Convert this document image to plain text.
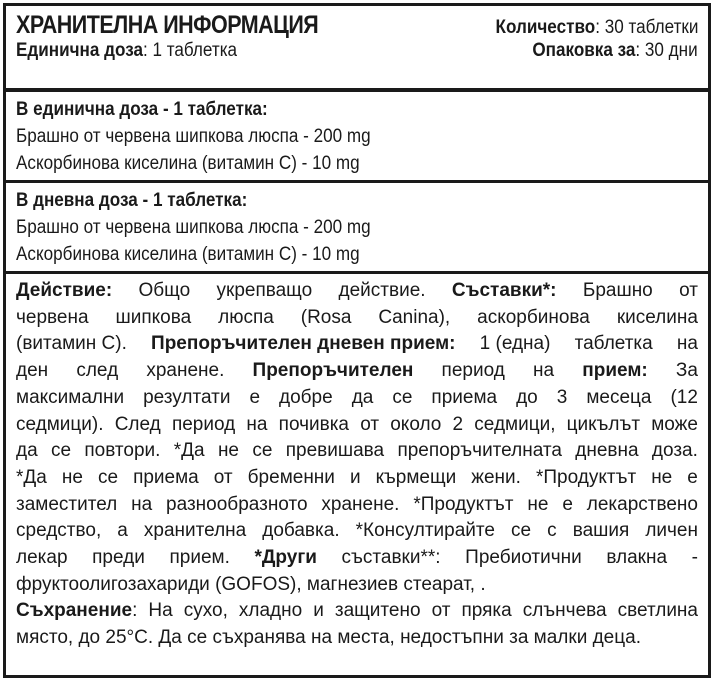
ХРАНИТЕЛНА ИНФОРМАЦИЯ	Количество: 30 таблетки
Единична доза: 1 таблетка	Опаковка за: 30 дни
В единична доза - 1 таблетка:
Брашно от червена шипкова люспа - 200 mg
Аскорбинова киселина (витамин С) - 10 mg
В дневна доза - 1 таблетка:
Брашно от червена шипкова люспа - 200 mg
Аскорбинова киселина (витамин С) - 10 mg
Действие: Общо укрепващо действие. Съставки*: Брашно от
червена шипкова люспа (Rosa Canina), аскорбинова киселина
(витамин С). Препоръчителен дневен прием: 1 (една) таблетка на
ден след хранене. Препоръчителен период на прием: За
максимални резултати е добре да се приема до 3 месеца (12
седмици). След период на почивка от около 2 седмици, цикълът може
да се повтори. *Да не се превишава препоръчителната дневна доза.
*Да не се приема от бременни и кърмещи жени. *Продуктът не е
заместител на разнообразното хранене. *Продуктът не е лекарствено
средство, а хранителна добавка. *Консултирайте се с вашия личен
лекар преди прием. *Други съставки**: Пребиотични влакна -
фруктоолигозахариди (GOFOS), магнезиев стеарат, .
Съхранение: На сухо, хладно и защитено от пряка слънчева светлина
място, до 25°С. Да се съхранява на места, недостъпни за малки деца.
